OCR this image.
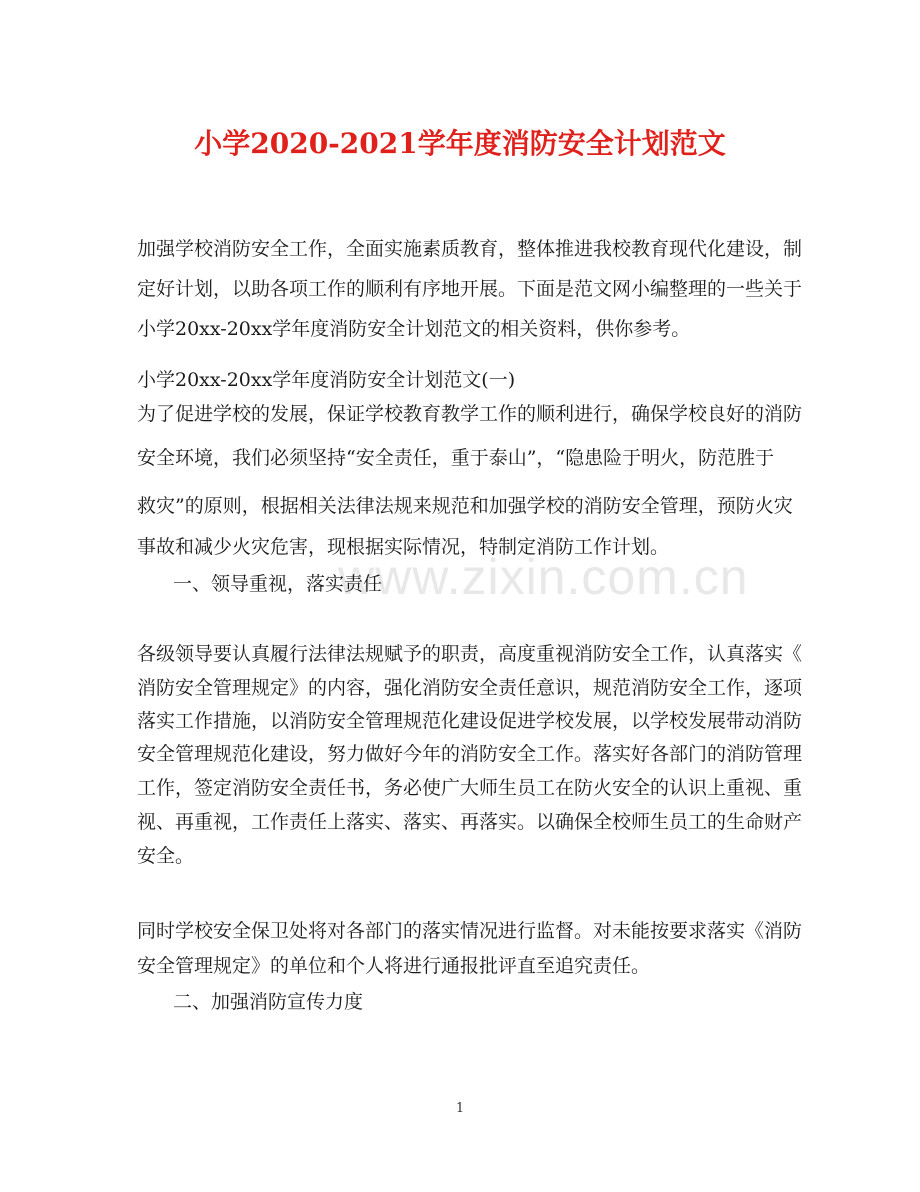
小学2020-2021学年度消防安全计划范文
www.zixin.com.cn

加强学校消防安全工作，全面实施素质教育，整体推进我校教育现代化建设，制

定好计划，以助各项工作的顺利有序地开展。下面是范文网小编整理的一些关于

小学20xx-20xx学年度消防安全计划范文的相关资料，供你参考。

小学20xx-20xx学年度消防安全计划范文(一)

为了促进学校的发展，保证学校教育教学工作的顺利进行，确保学校良好的消防

安全环境，我们必须坚持“安全责任，重于泰山”，“隐患险于明火，防范胜于

救灾”的原则，根据相关法律法规来规范和加强学校的消防安全管理，预防火灾

事故和减少火灾危害，现根据实际情况，特制定消防工作计划。

一、领导重视，落实责任

各级领导要认真履行法律法规赋予的职责，高度重视消防安全工作，认真落实《

消防安全管理规定》的内容，强化消防安全责任意识，规范消防安全工作，逐项

落实工作措施，以消防安全管理规范化建设促进学校发展，以学校发展带动消防

安全管理规范化建设，努力做好今年的消防安全工作。落实好各部门的消防管理

工作，签定消防安全责任书，务必使广大师生员工在防火安全的认识上重视、重

视、再重视，工作责任上落实、落实、再落实。以确保全校师生员工的生命财产

安全。

同时学校安全保卫处将对各部门的落实情况进行监督。对未能按要求落实《消防

安全管理规定》的单位和个人将进行通报批评直至追究责任。

二、加强消防宣传力度

1
